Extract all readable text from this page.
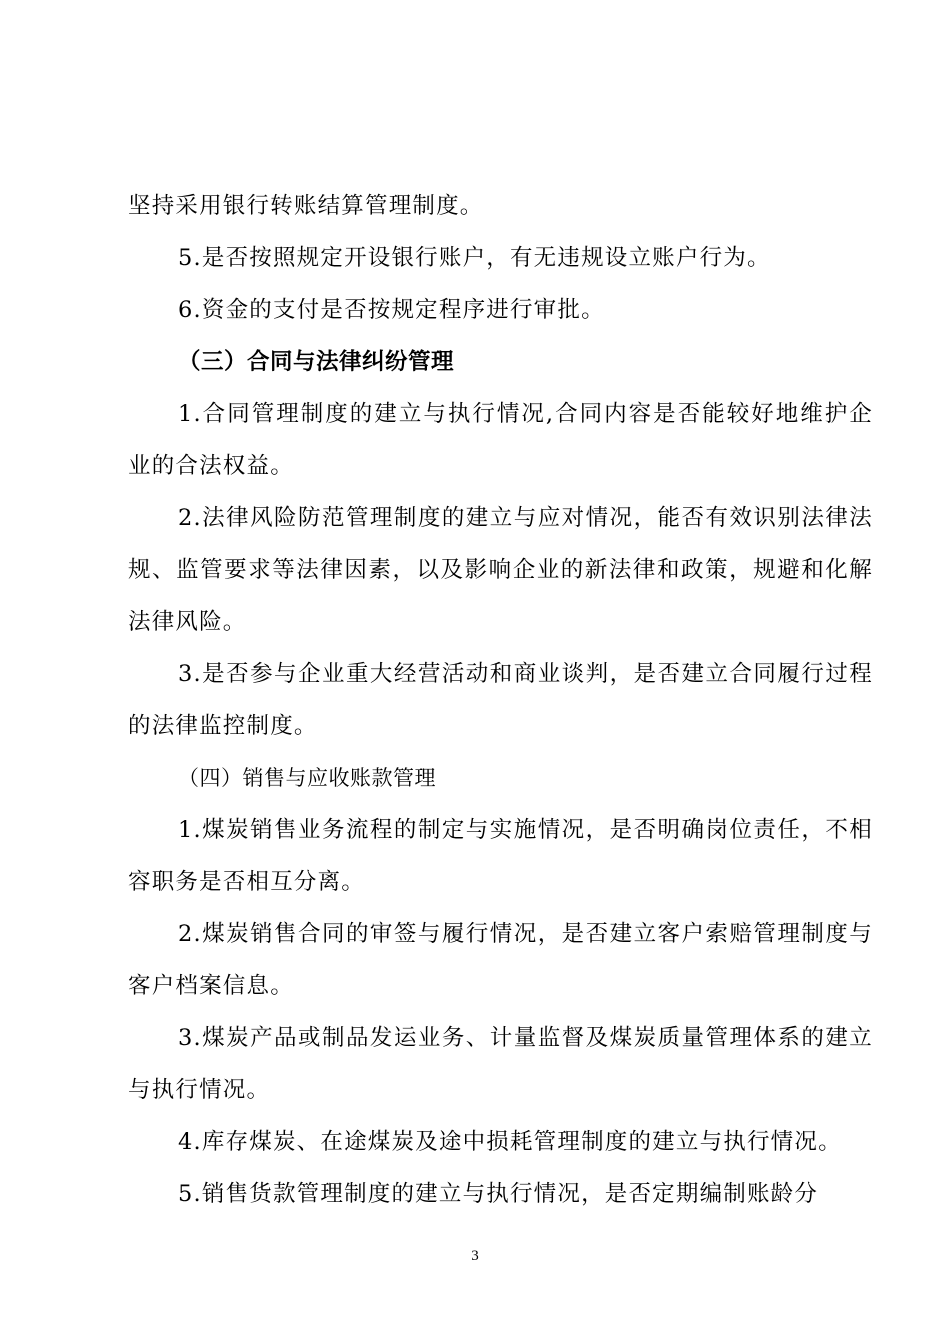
坚持采用银行转账结算管理制度。

5.是否按照规定开设银行账户，有无违规设立账户行为。

6.资金的支付是否按规定程序进行审批。

（三）合同与法律纠纷管理

1.合同管理制度的建立与执行情况,合同内容是否能较好地维护企业的合法权益。

2.法律风险防范管理制度的建立与应对情况，能否有效识别法律法规、监管要求等法律因素，以及影响企业的新法律和政策，规避和化解法律风险。

3.是否参与企业重大经营活动和商业谈判，是否建立合同履行过程的法律监控制度。

（四）销售与应收账款管理

1.煤炭销售业务流程的制定与实施情况，是否明确岗位责任，不相容职务是否相互分离。

2.煤炭销售合同的审签与履行情况，是否建立客户索赔管理制度与客户档案信息。

3.煤炭产品或制品发运业务、计量监督及煤炭质量管理体系的建立与执行情况。

4.库存煤炭、在途煤炭及途中损耗管理制度的建立与执行情况。

5.销售货款管理制度的建立与执行情况，是否定期编制账龄分

3
